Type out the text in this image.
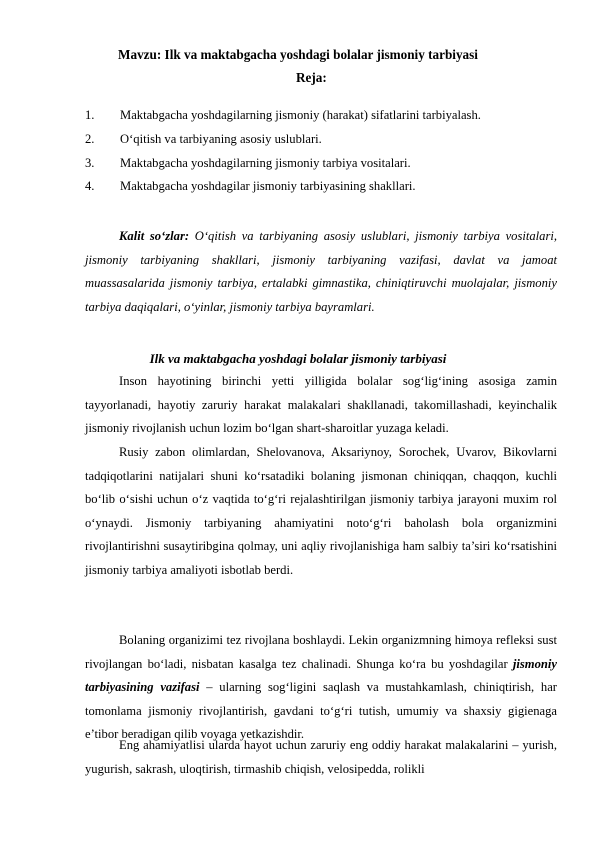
Mavzu: Ilk va maktabgacha yoshdagi bolalar jismoniy tarbiyasi
Reja:
1. Maktabgacha yoshdagilarning jismoniy (harakat) sifatlarini tarbiyalash.
2. O‘qitish va tarbiyaning asosiy uslublari.
3. Maktabgacha yoshdagilarning jismoniy tarbiya vositalari.
4. Maktabgacha yoshdagilar jismoniy tarbiyasining shakllari.

Kalit so‘zlar: O‘qitish va tarbiyaning asosiy uslublari, jismoniy tarbiya vositalari, jismoniy tarbiyaning shakllari, jismoniy tarbiyaning vazifasi, davlat va jamoat muassasalarida jismoniy tarbiya, ertalabki gimnastika, chiniqtiruvchi muolajalar, jismoniy tarbiya daqiqalari, o‘yinlar, jismoniy tarbiya bayramlari.

Ilk va maktabgacha yoshdagi bolalar jismoniy tarbiyasi

Inson hayotining birinchi yetti yilligida bolalar sog‘lig‘ining asosiga zamin tayyorlanadi, hayotiy zaruriy harakat malakalari shakllanadi, takomillashadi, keyinchalik jismoniy rivojlanish uchun lozim bo‘lgan shart-sharoitlar yuzaga keladi.

Rusiy zabon olimlardan, Shelovanova, Aksariynoy, Sorochek, Uvarov, Bikovlarni tadqiqotlarini natijalari shuni ko‘rsatadiki bolaning jismonan chiniqqan, chaqqon, kuchli bo‘lib o‘sishi uchun o‘z vaqtida to‘g‘ri rejalashtirilgan jismoniy tarbiya jarayoni muxim rol o‘ynaydi. Jismoniy tarbiyaning ahamiyatini noto‘g‘ri baholash bola organizmini rivojlantirishni susaytiribgina qolmay, uni aqliy rivojlanishiga ham salbiy ta’siri ko‘rsatishini jismoniy tarbiya amaliyoti isbotlab berdi.

Bolaning organizimi tez rivojlana boshlaydi. Lekin organizmning himoya refleksi sust rivojlangan bo‘ladi, nisbatan kasalga tez chalinadi. Shunga ko‘ra bu yoshdagilar jismoniy tarbiyasining vazifasi – ularning sog‘ligini saqlash va mustahkamlash, chiniqtirish, har tomonlama jismoniy rivojlantirish, gavdani to‘g‘ri tutish, umumiy va shaxsiy gigienaga e’tibor beradigan qilib voyaga yetkazishdir.

Eng ahamiyatlisi ularda hayot uchun zaruriy eng oddiy harakat malakalarini – yurish, yugurish, sakrash, uloqtirish, tirmashib chiqish, velosipedda, rolikli
